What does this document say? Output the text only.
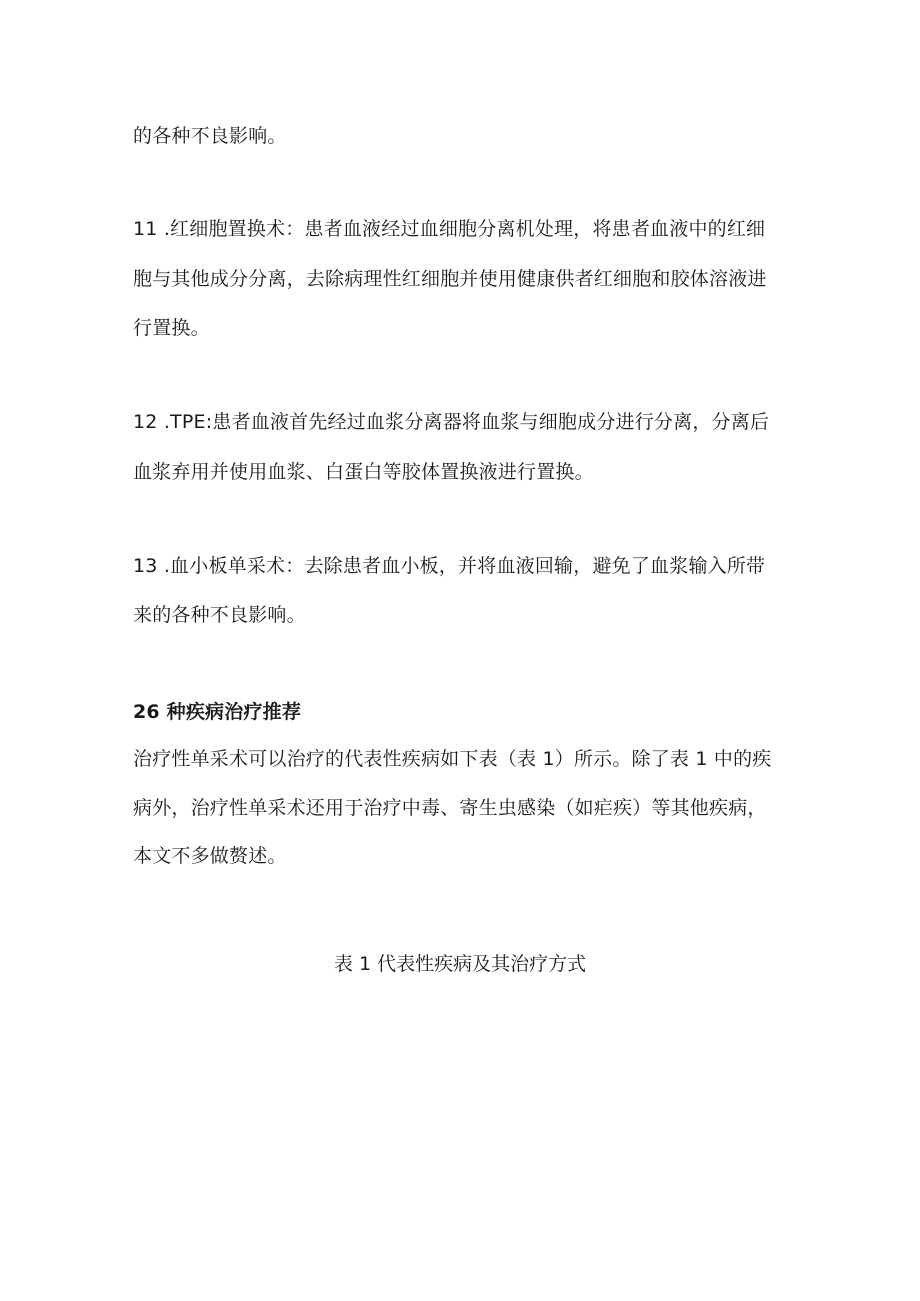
的各种不良影响。
11 .红细胞置换术：患者血液经过血细胞分离机处理，将患者血液中的红细
胞与其他成分分离，去除病理性红细胞并使用健康供者红细胞和胶体溶液进
行置换。
12 .TPE:患者血液首先经过血浆分离器将血浆与细胞成分进行分离，分离后
血浆弃用并使用血浆、白蛋白等胶体置换液进行置换。
13 .血小板单采术：去除患者血小板，并将血液回输，避免了血浆输入所带
来的各种不良影响。
26 种疾病治疗推荐
治疗性单采术可以治疗的代表性疾病如下表（表 1）所示。除了表 1 中的疾
病外，治疗性单采术还用于治疗中毒、寄生虫感染（如疟疾）等其他疾病，
本文不多做赘述。
表 1 代表性疾病及其治疗方式
